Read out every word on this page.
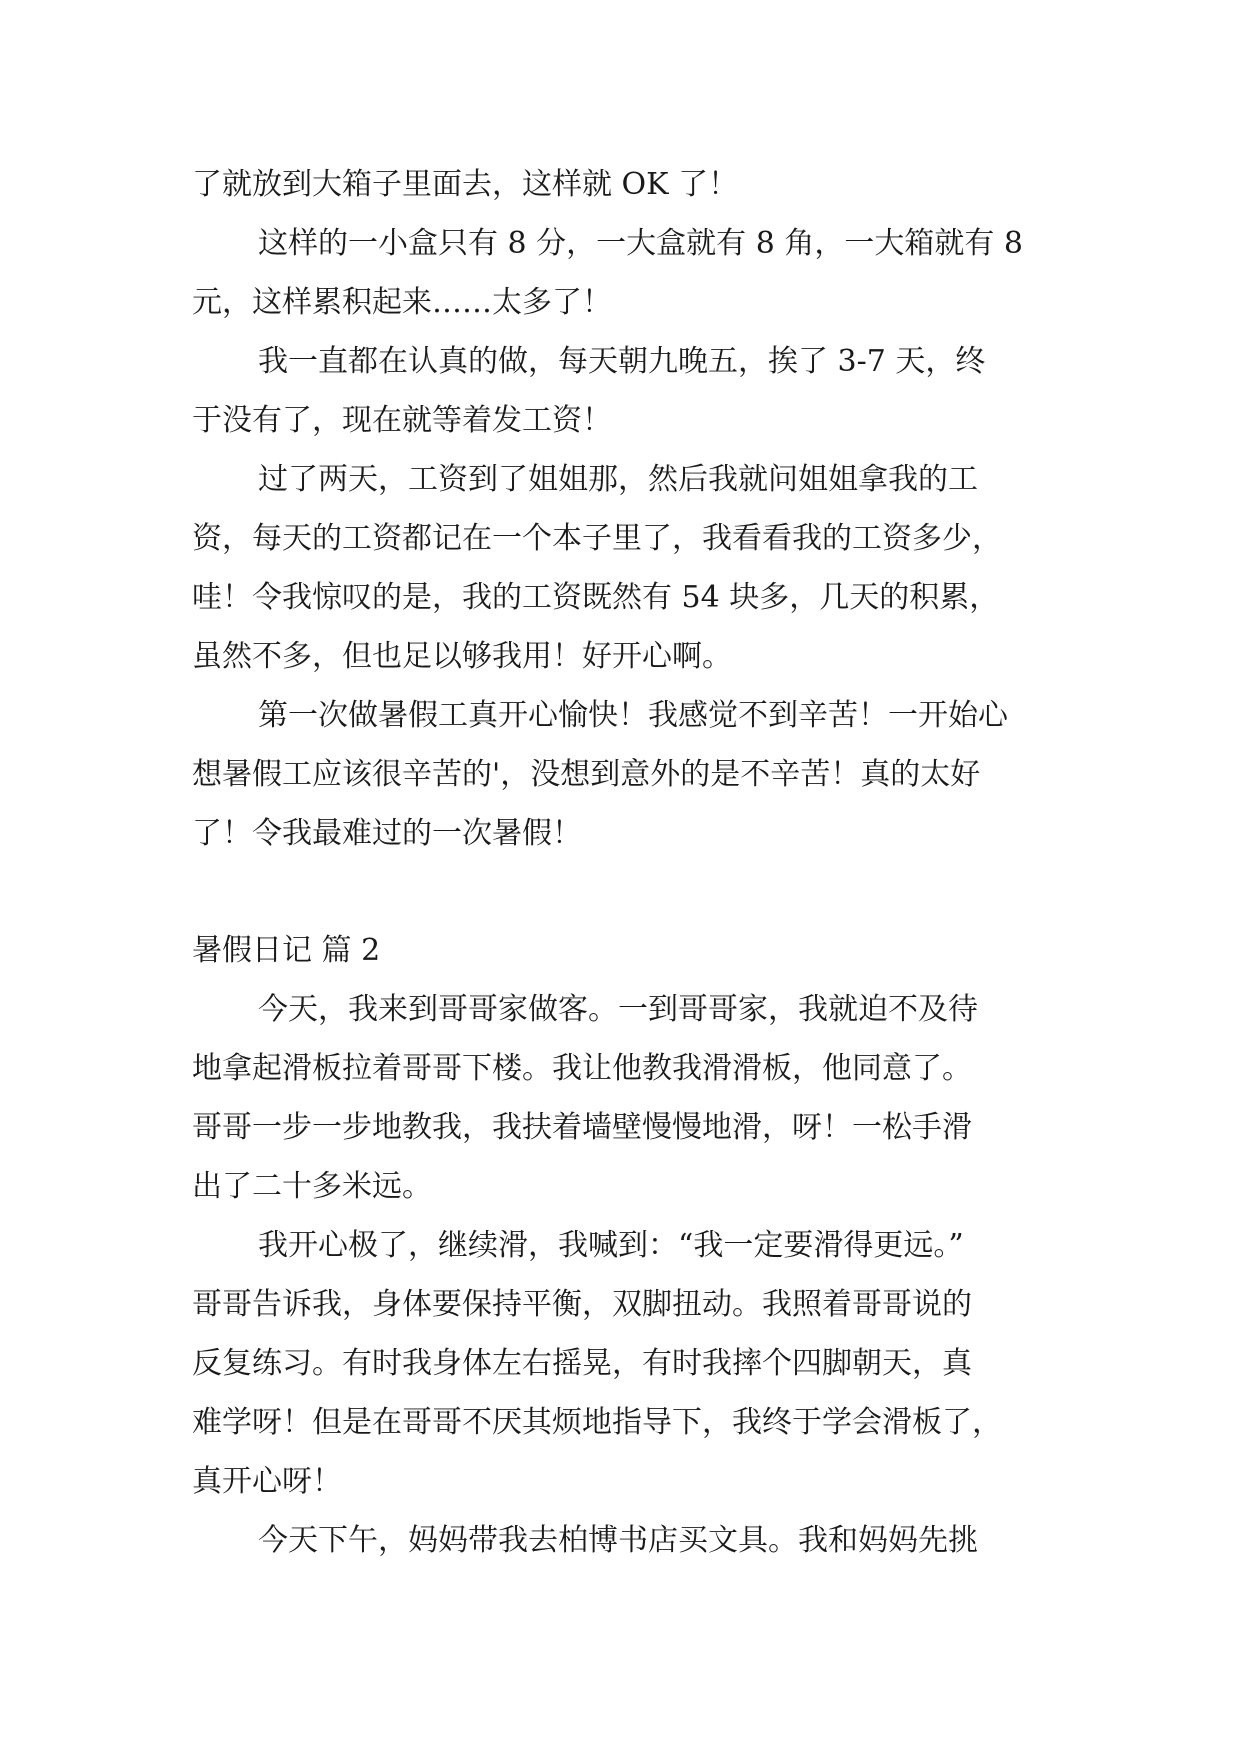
了就放到大箱子里面去，这样就 OK 了！
这样的一小盒只有 8 分，一大盒就有 8 角，一大箱就有 8
元，这样累积起来……太多了！
我一直都在认真的做，每天朝九晚五，挨了 3-7 天，终
于没有了，现在就等着发工资！
过了两天，工资到了姐姐那，然后我就问姐姐拿我的工
资，每天的工资都记在一个本子里了，我看看我的工资多少，
哇！令我惊叹的是，我的工资既然有 54 块多，几天的积累，
虽然不多，但也足以够我用！好开心啊。
第一次做暑假工真开心愉快！我感觉不到辛苦！一开始心
想暑假工应该很辛苦的'，没想到意外的是不辛苦！真的太好
了！令我最难过的一次暑假！
暑假日记 篇 2
今天，我来到哥哥家做客。一到哥哥家，我就迫不及待
地拿起滑板拉着哥哥下楼。我让他教我滑滑板，他同意了。
哥哥一步一步地教我，我扶着墙壁慢慢地滑，呀！一松手滑
出了二十多米远。
我开心极了，继续滑，我喊到：“我一定要滑得更远。”
哥哥告诉我，身体要保持平衡，双脚扭动。我照着哥哥说的
反复练习。有时我身体左右摇晃，有时我摔个四脚朝天，真
难学呀！但是在哥哥不厌其烦地指导下，我终于学会滑板了，
真开心呀！
今天下午，妈妈带我去柏博书店买文具。我和妈妈先挑
